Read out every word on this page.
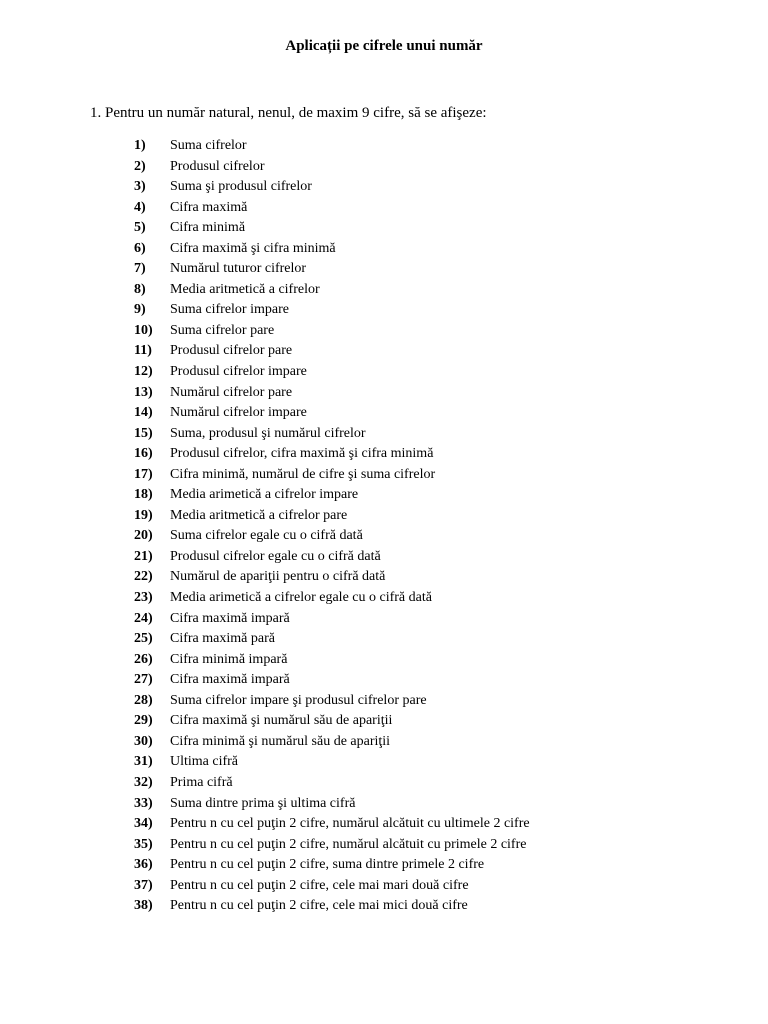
Aplicații pe cifrele unui număr
1. Pentru un număr natural, nenul, de maxim 9 cifre, să se afişeze:
1) Suma cifrelor
2) Produsul cifrelor
3) Suma şi produsul cifrelor
4) Cifra maximă
5) Cifra minimă
6) Cifra maximă şi cifra minimă
7) Numărul tuturor cifrelor
8) Media aritmetică a cifrelor
9) Suma cifrelor impare
10) Suma cifrelor pare
11) Produsul cifrelor pare
12) Produsul cifrelor impare
13) Numărul cifrelor pare
14) Numărul cifrelor impare
15) Suma, produsul şi numărul cifrelor
16) Produsul cifrelor, cifra maximă şi cifra minimă
17) Cifra minimă, numărul de cifre şi suma cifrelor
18) Media arimetică a cifrelor impare
19) Media aritmetică a cifrelor pare
20) Suma cifrelor egale cu o cifră dată
21) Produsul cifrelor egale cu o cifră dată
22) Numărul de apariţii pentru o cifră dată
23) Media arimetică a cifrelor egale cu o cifră dată
24) Cifra maximă impară
25) Cifra maximă pară
26) Cifra minimă impară
27) Cifra maximă impară
28) Suma cifrelor impare şi produsul cifrelor pare
29) Cifra maximă şi numărul său de apariţii
30) Cifra minimă şi numărul său de apariţii
31) Ultima cifră
32) Prima cifră
33) Suma dintre prima şi ultima cifră
34) Pentru n cu cel puţin 2 cifre, numărul alcătuit cu ultimele 2 cifre
35) Pentru n cu cel puţin 2 cifre, numărul alcătuit cu primele 2 cifre
36) Pentru n cu cel puţin 2 cifre, suma dintre primele 2 cifre
37) Pentru n cu cel puţin 2 cifre, cele mai mari două cifre
38) Pentru n cu cel puţin 2 cifre, cele mai mici două cifre
